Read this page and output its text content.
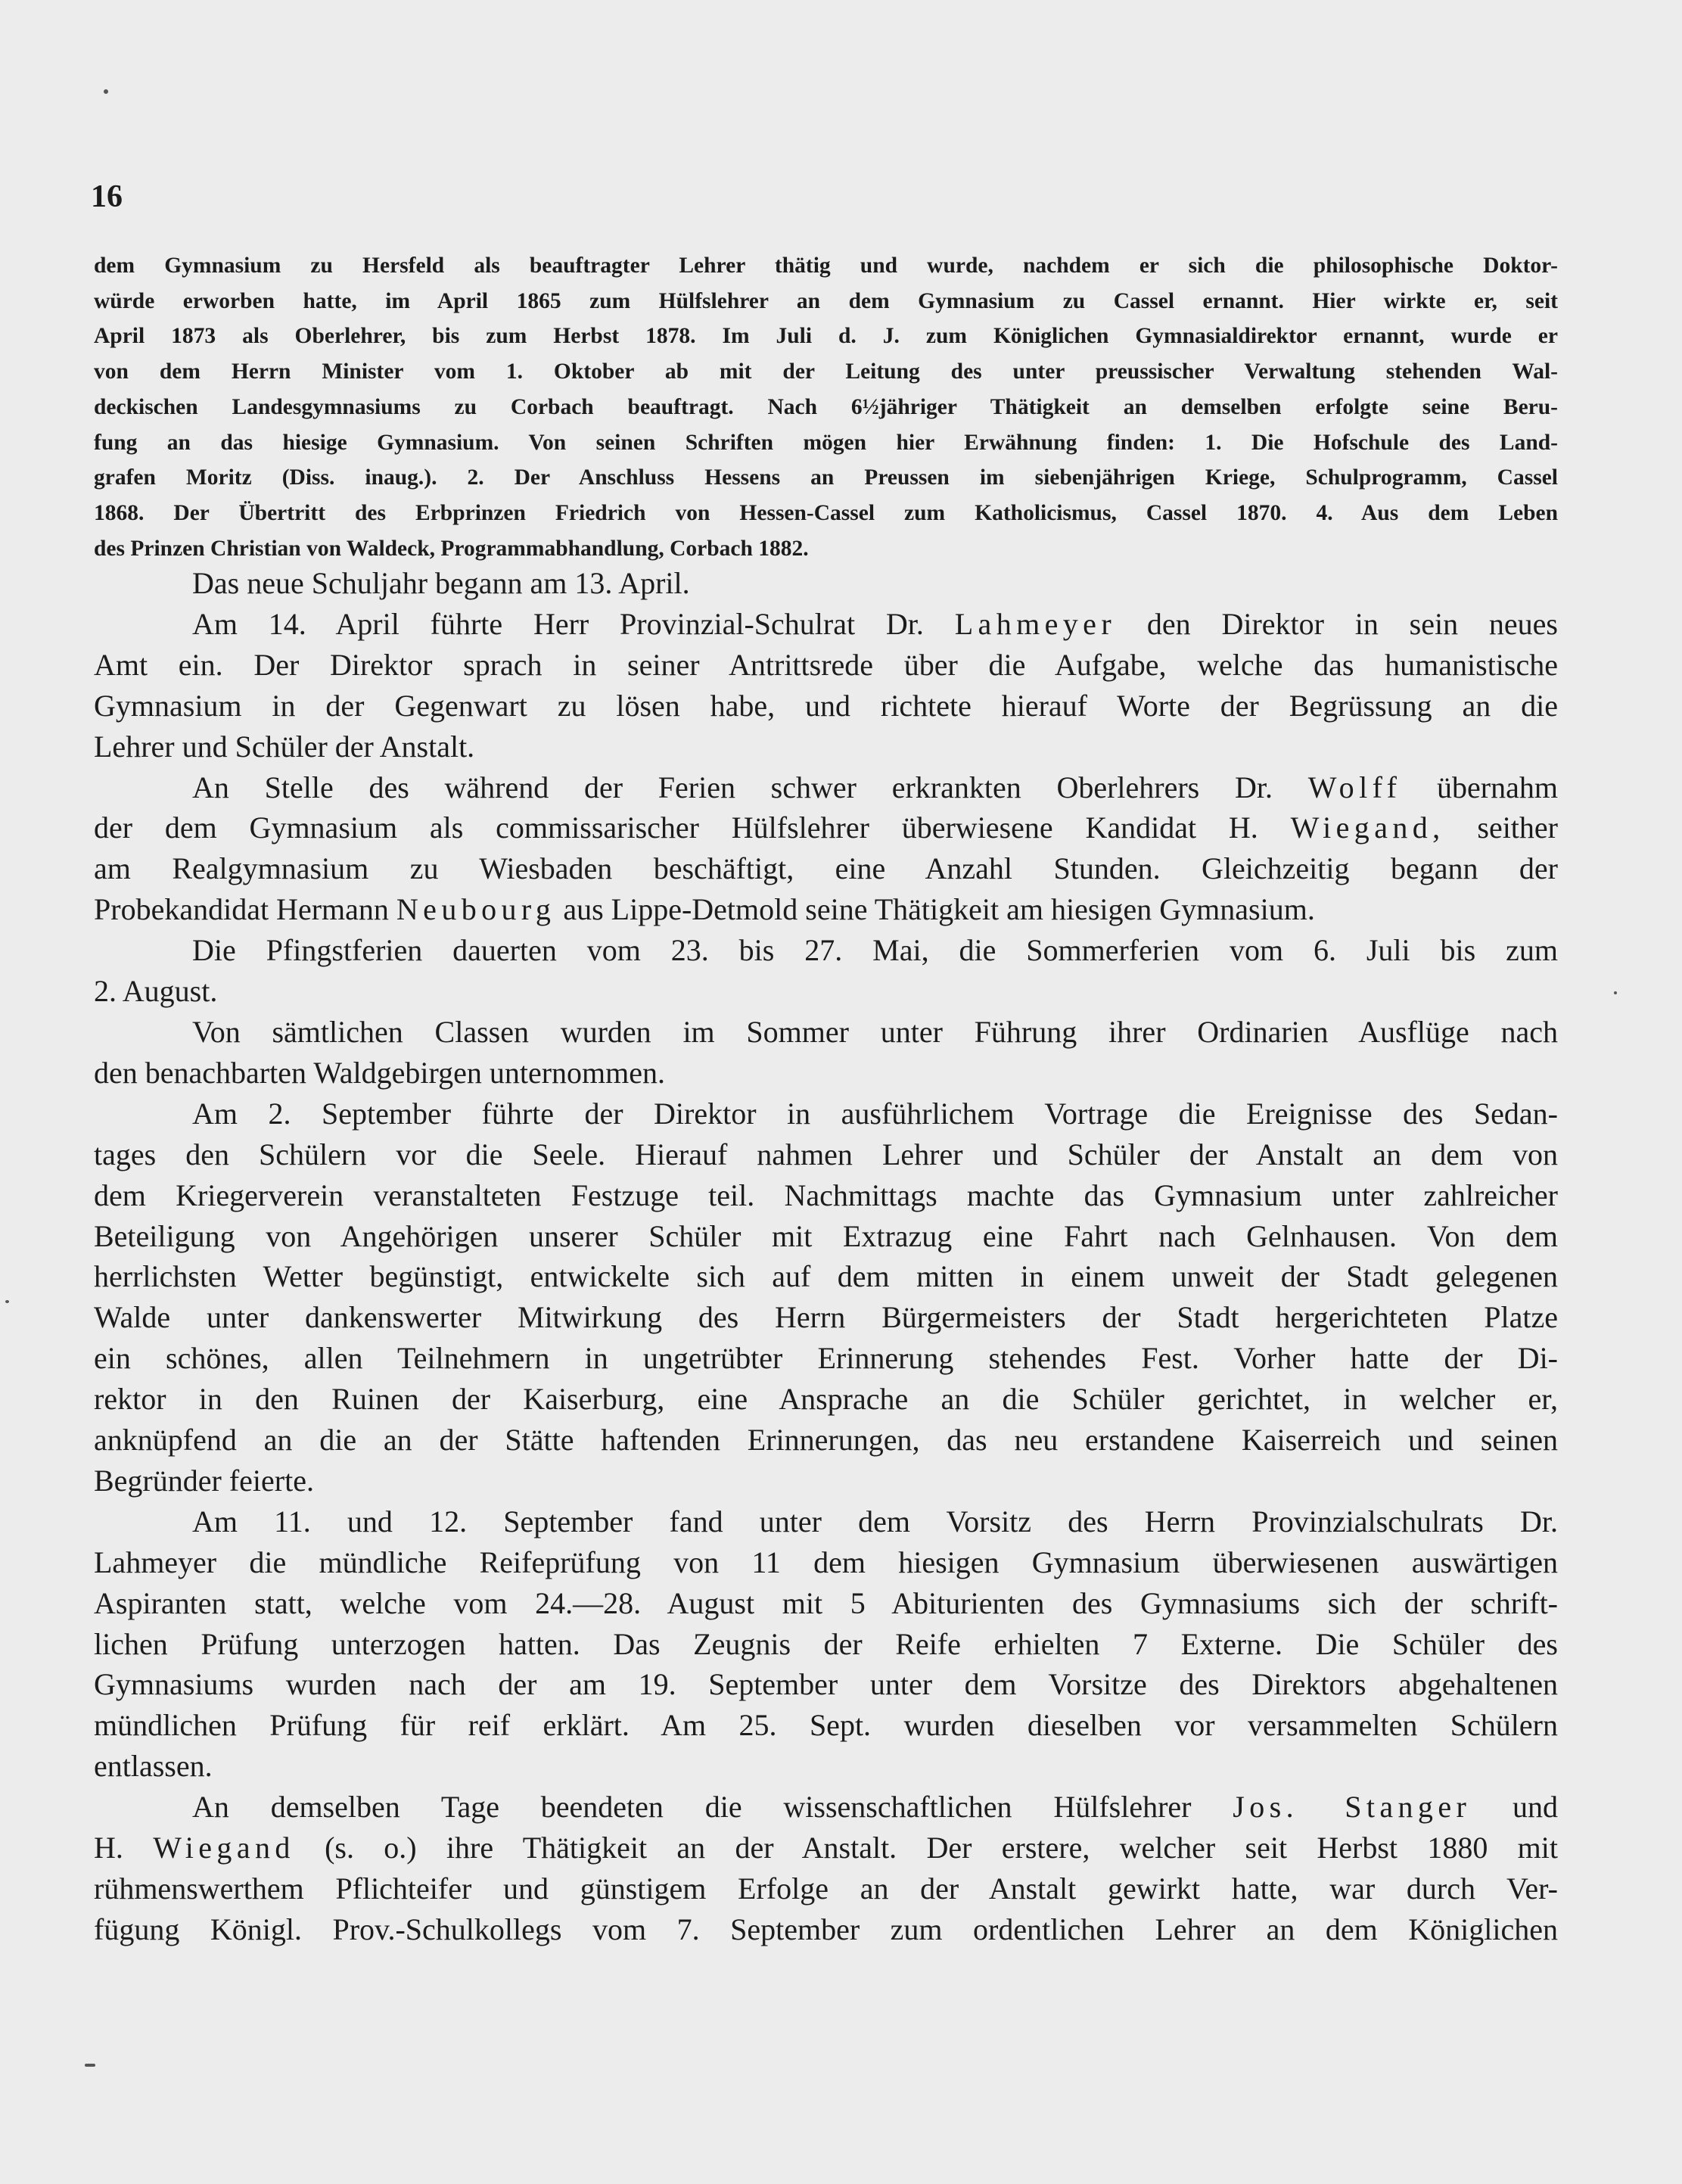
16
dem Gymnasium zu Hersfeld als beauftragter Lehrer thätig und wurde, nachdem er sich die philosophische Doktor-
würde erworben hatte, im April 1865 zum Hülfslehrer an dem Gymnasium zu Cassel ernannt. Hier wirkte er, seit
April 1873 als Oberlehrer, bis zum Herbst 1878. Im Juli d. J. zum Königlichen Gymnasialdirektor ernannt, wurde er
von dem Herrn Minister vom 1. Oktober ab mit der Leitung des unter preussischer Verwaltung stehenden Wal-
deckischen Landesgymnasiums zu Corbach beauftragt. Nach 6½jähriger Thätigkeit an demselben erfolgte seine Beru-
fung an das hiesige Gymnasium. Von seinen Schriften mögen hier Erwähnung finden: 1. Die Hofschule des Land-
grafen Moritz (Diss. inaug.). 2. Der Anschluss Hessens an Preussen im siebenjährigen Kriege, Schulprogramm, Cassel
1868. Der Übertritt des Erbprinzen Friedrich von Hessen-Cassel zum Katholicismus, Cassel 1870. 4. Aus dem Leben
des Prinzen Christian von Waldeck, Programmabhandlung, Corbach 1882.
Das neue Schuljahr begann am 13. April.
Am 14. April führte Herr Provinzial-Schulrat Dr. Lahmeyer den Direktor in sein neues
Amt ein. Der Direktor sprach in seiner Antrittsrede über die Aufgabe, welche das humanistische
Gymnasium in der Gegenwart zu lösen habe, und richtete hierauf Worte der Begrüssung an die
Lehrer und Schüler der Anstalt.
An Stelle des während der Ferien schwer erkrankten Oberlehrers Dr. Wolff übernahm
der dem Gymnasium als commissarischer Hülfslehrer überwiesene Kandidat H. Wiegand, seither
am Realgymnasium zu Wiesbaden beschäftigt, eine Anzahl Stunden. Gleichzeitig begann der
Probekandidat Hermann Neubourg aus Lippe-Detmold seine Thätigkeit am hiesigen Gymnasium.
Die Pfingstferien dauerten vom 23. bis 27. Mai, die Sommerferien vom 6. Juli bis zum
2. August.
Von sämtlichen Classen wurden im Sommer unter Führung ihrer Ordinarien Ausflüge nach
den benachbarten Waldgebirgen unternommen.
Am 2. September führte der Direktor in ausführlichem Vortrage die Ereignisse des Sedan-
tages den Schülern vor die Seele. Hierauf nahmen Lehrer und Schüler der Anstalt an dem von
dem Kriegerverein veranstalteten Festzuge teil. Nachmittags machte das Gymnasium unter zahlreicher
Beteiligung von Angehörigen unserer Schüler mit Extrazug eine Fahrt nach Gelnhausen. Von dem
herrlichsten Wetter begünstigt, entwickelte sich auf dem mitten in einem unweit der Stadt gelegenen
Walde unter dankenswerter Mitwirkung des Herrn Bürgermeisters der Stadt hergerichteten Platze
ein schönes, allen Teilnehmern in ungetrübter Erinnerung stehendes Fest. Vorher hatte der Di-
rektor in den Ruinen der Kaiserburg, eine Ansprache an die Schüler gerichtet, in welcher er,
anknüpfend an die an der Stätte haftenden Erinnerungen, das neu erstandene Kaiserreich und seinen
Begründer feierte.
Am 11. und 12. September fand unter dem Vorsitz des Herrn Provinzialschulrats Dr.
Lahmeyer die mündliche Reifeprüfung von 11 dem hiesigen Gymnasium überwiesenen auswärtigen
Aspiranten statt, welche vom 24.—28. August mit 5 Abiturienten des Gymnasiums sich der schrift-
lichen Prüfung unterzogen hatten. Das Zeugnis der Reife erhielten 7 Externe. Die Schüler des
Gymnasiums wurden nach der am 19. September unter dem Vorsitze des Direktors abgehaltenen
mündlichen Prüfung für reif erklärt. Am 25. Sept. wurden dieselben vor versammelten Schülern
entlassen.
An demselben Tage beendeten die wissenschaftlichen Hülfslehrer Jos. Stanger und
H. Wiegand (s. o.) ihre Thätigkeit an der Anstalt. Der erstere, welcher seit Herbst 1880 mit
rühmenswerthem Pflichteifer und günstigem Erfolge an der Anstalt gewirkt hatte, war durch Ver-
fügung Königl. Prov.-Schulkollegs vom 7. September zum ordentlichen Lehrer an dem Königlichen
